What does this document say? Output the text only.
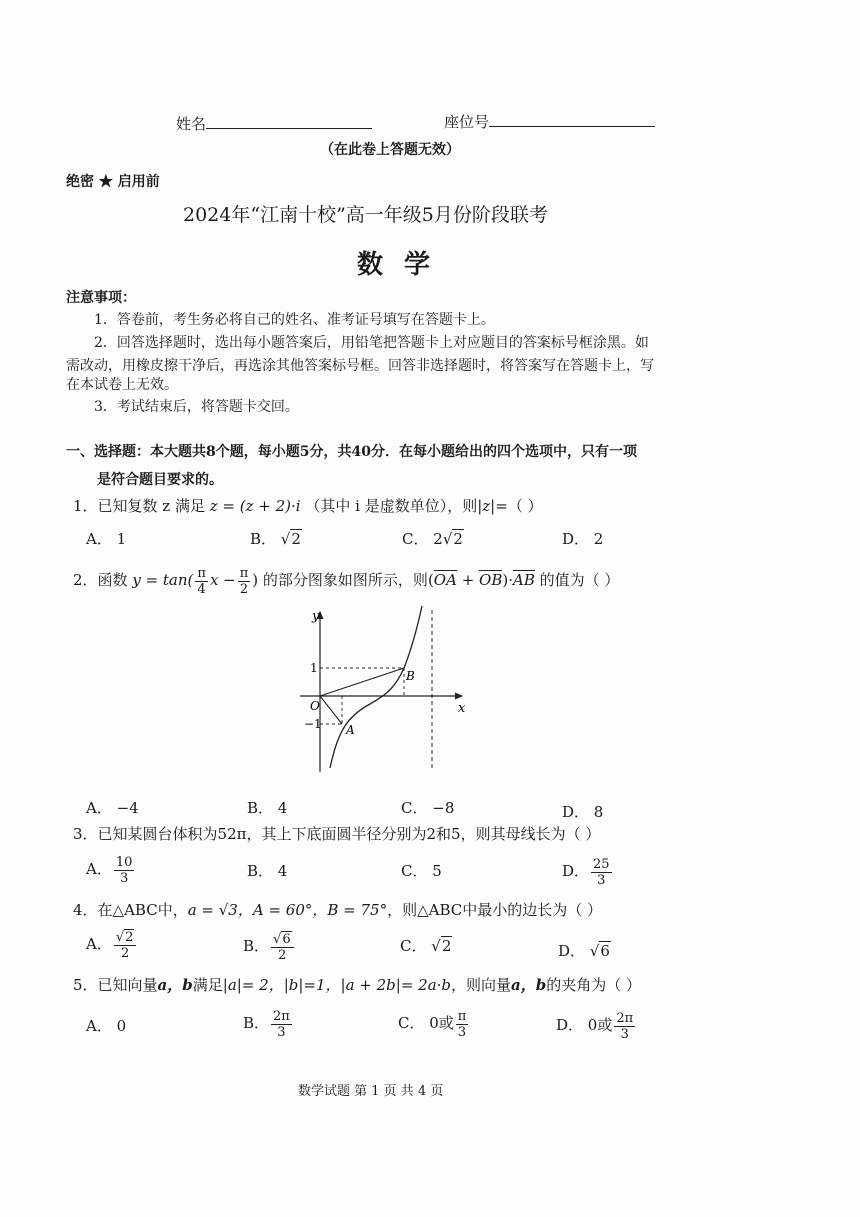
姓名	座位号
（在此卷上答题无效）
绝密 ★ 启用前
2024年“江南十校”高一年级5月份阶段联考
数 学
注意事项：
1．答卷前，考生务必将自己的姓名、准考证号填写在答题卡上。
2．回答选择题时，选出每小题答案后，用铅笔把答题卡上对应题目的答案标号框涂黑。如
需改动，用橡皮擦干净后，再选涂其他答案标号框。回答非选择题时，将答案写在答题卡上，写
在本试卷上无效。
3．考试结束后，将答题卡交回。
一、选择题：本大题共8个题，每小题5分，共40分．在每小题给出的四个选项中，只有一项
是符合题目要求的。
1．已知复数 z 满足 z = (z + 2)·i （其中 i 是虚数单位），则|z|=（ ）
A． 1	B． √2	C． 2√2	D． 2
2．函数 $y = \tan( \frac{\pi}{4}$ $x - \frac{\pi}{2}$ ) 的部分图象如图所示，则(OA + OB)·AB 的值为（ ）
y
x
O
1
−1 A
B
A． −4	B． 4	C． −8	D． 8
3．已知某圆台体积为52π，其上下底面圆半径分别为2和5，则其母线长为（ ）
A． $\frac{10}{3}$	B． 4	C． 5	D． $\frac{25}{3}$
4．在△ABC中，a = √3，A = 60°，B = 75°，则△ABC中最小的边长为（ ）
A． $\frac{√2}{2}$	B． $\frac{√6}{2}$	C． √2	D． √6
5．已知向量a，b满足|a|= 2，|b|=1，|a + 2b|= 2a·b，则向量a，b的夹角为（ ）
A． 0	B． $\frac{2\pi}{3}$	C． 0或 $\frac{\pi}{3}$	D． 0或 $\frac{2\pi}{3}$
数学试题 第 1 页 共 4 页
